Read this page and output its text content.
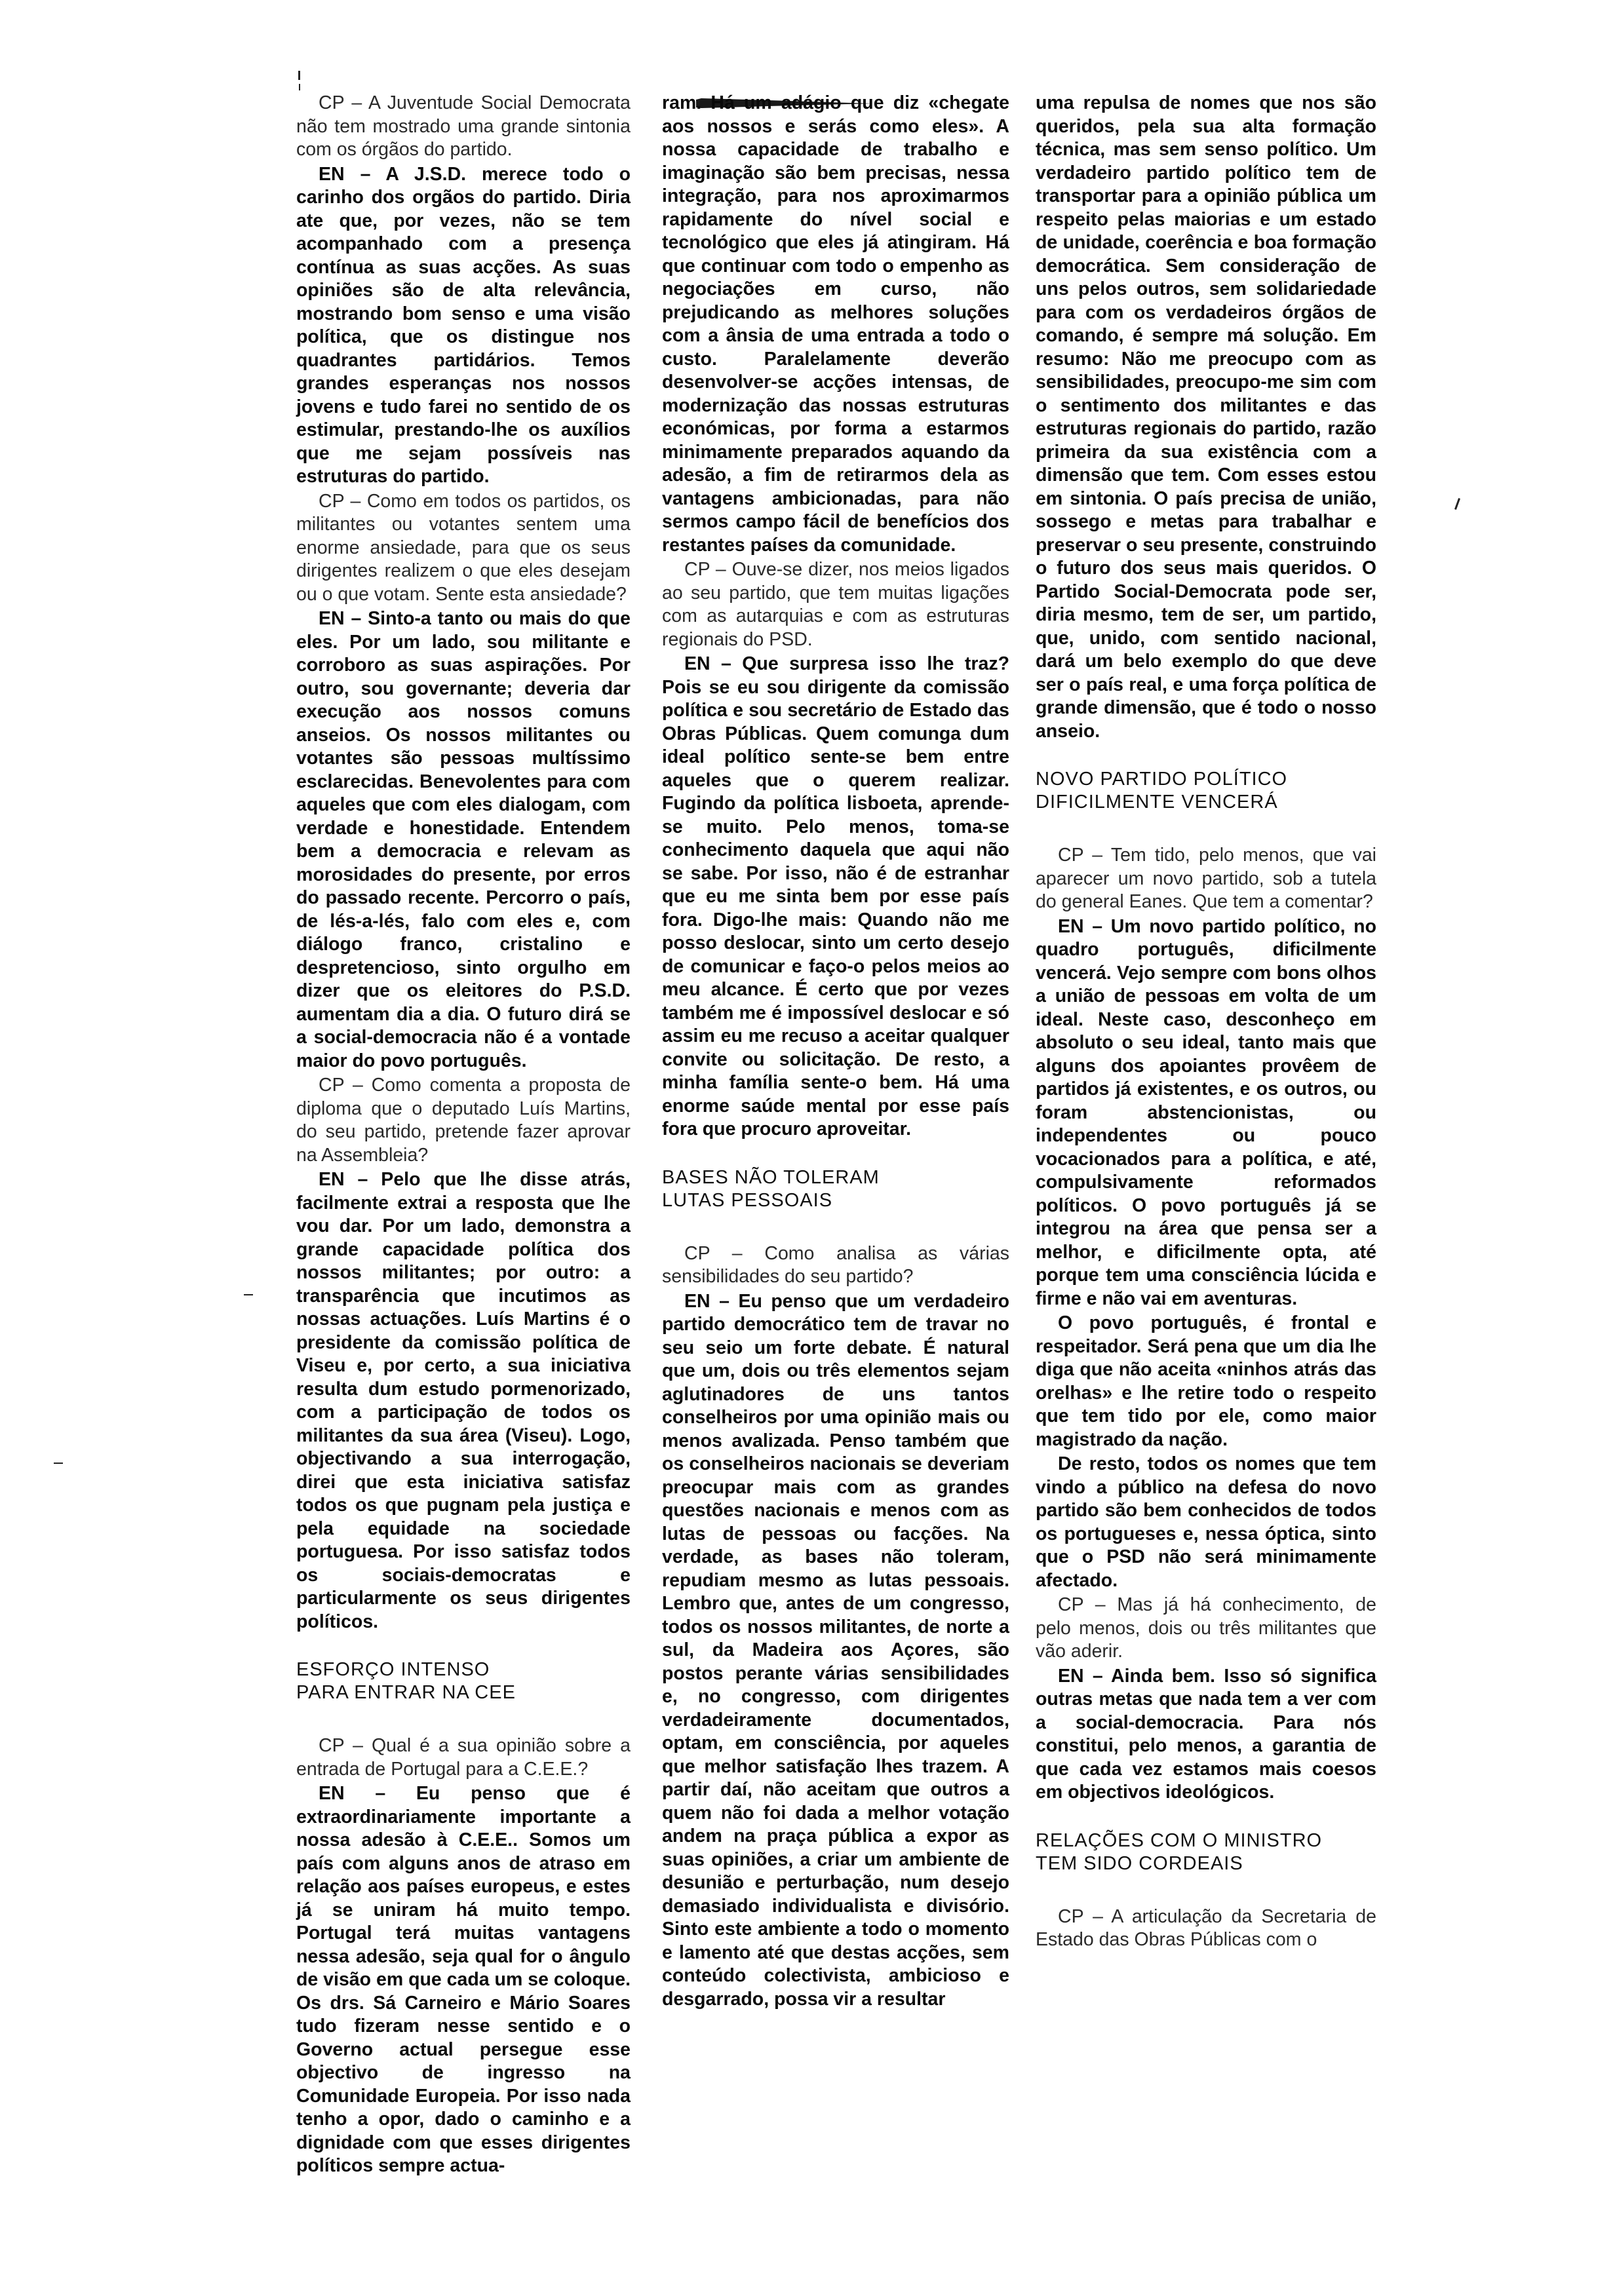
CP – A Juventude Social Democrata não tem mostrado uma grande sintonia com os órgãos do partido.

EN – A J.S.D. merece todo o carinho dos orgãos do partido. Diria ate que, por vezes, não se tem acompanhado com a presença contínua as suas acções. As suas opiniões são de alta relevância, mostrando bom senso e uma visão política, que os distingue nos quadrantes partidários. Temos grandes esperanças nos nossos jovens e tudo farei no sentido de os estimular, prestando-lhe os auxílios que me sejam possíveis nas estruturas do partido.

CP – Como em todos os partidos, os militantes ou votantes sentem uma enorme ansiedade, para que os seus dirigentes realizem o que eles desejam ou o que votam. Sente esta ansiedade?

EN – Sinto-a tanto ou mais do que eles. Por um lado, sou militante e corroboro as suas aspirações. Por outro, sou governante; deveria dar execução aos nossos comuns anseios. Os nossos militantes ou votantes são pessoas multíssimo esclarecidas. Benevolentes para com aqueles que com eles dialogam, com verdade e honestidade. Entendem bem a democracia e relevam as morosidades do presente, por erros do passado recente. Percorro o país, de lés-a-lés, falo com eles e, com diálogo franco, cristalino e despretencioso, sinto orgulho em dizer que os eleitores do P.S.D. aumentam dia a dia. O futuro dirá se a social-democracia não é a vontade maior do povo português.

CP – Como comenta a proposta de diploma que o deputado Luís Martins, do seu partido, pretende fazer aprovar na Assembleia?

EN – Pelo que lhe disse atrás, facilmente extrai a resposta que lhe vou dar. Por um lado, demonstra a grande capacidade política dos nossos militantes; por outro: a transparência que incutimos as nossas actuações. Luís Martins é o presidente da comissão política de Viseu e, por certo, a sua iniciativa resulta dum estudo pormenorizado, com a participação de todos os militantes da sua área (Viseu). Logo, objectivando a sua interrogação, direi que esta iniciativa satisfaz todos os que pugnam pela justiça e pela equidade na sociedade portuguesa. Por isso satisfaz todos os sociais-democratas e particularmente os seus dirigentes políticos.

ESFORÇO INTENSO
PARA ENTRAR NA CEE

CP – Qual é a sua opinião sobre a entrada de Portugal para a C.E.E.?

EN – Eu penso que é extraordinariamente importante a nossa adesão à C.E.E.. Somos um país com alguns anos de atraso em relação aos países europeus, e estes já se uniram há muito tempo. Portugal terá muitas vantagens nessa adesão, seja qual for o ângulo de visão em que cada um se coloque. Os drs. Sá Carneiro e Mário Soares tudo fizeram nesse sentido e o Governo actual persegue esse objectivo de ingresso na Comunidade Europeia. Por isso nada tenho a opor, dado o caminho e a dignidade com que esses dirigentes políticos sempre actua-

ram. Há um adágio que diz «chegate aos nossos e serás como eles». A nossa capacidade de trabalho e imaginação são bem precisas, nessa integração, para nos aproximarmos rapidamente do nível social e tecnológico que eles já atingiram. Há que continuar com todo o empenho as negociações em curso, não prejudicando as melhores soluções com a ânsia de uma entrada a todo o custo. Paralelamente deverão desenvolver-se acções intensas, de modernização das nossas estruturas económicas, por forma a estarmos minimamente preparados aquando da adesão, a fim de retirarmos dela as vantagens ambicionadas, para não sermos campo fácil de benefícios dos restantes países da comunidade.

CP – Ouve-se dizer, nos meios ligados ao seu partido, que tem muitas ligações com as autarquias e com as estruturas regionais do PSD.

EN – Que surpresa isso lhe traz? Pois se eu sou dirigente da comissão política e sou secretário de Estado das Obras Públicas. Quem comunga dum ideal político sente-se bem entre aqueles que o querem realizar. Fugindo da política lisboeta, aprende-se muito. Pelo menos, toma-se conhecimento daquela que aqui não se sabe. Por isso, não é de estranhar que eu me sinta bem por esse país fora. Digo-lhe mais: Quando não me posso deslocar, sinto um certo desejo de comunicar e faço-o pelos meios ao meu alcance. É certo que por vezes também me é impossível deslocar e só assim eu me recuso a aceitar qualquer convite ou solicitação. De resto, a minha família sente-o bem. Há uma enorme saúde mental por esse país fora que procuro aproveitar.

BASES NÃO TOLERAM
LUTAS PESSOAIS

CP – Como analisa as várias sensibilidades do seu partido?

EN – Eu penso que um verdadeiro partido democrático tem de travar no seu seio um forte debate. É natural que um, dois ou três elementos sejam aglutinadores de uns tantos conselheiros por uma opinião mais ou menos avalizada. Penso também que os conselheiros nacionais se deveriam preocupar mais com as grandes questões nacionais e menos com as lutas de pessoas ou facções. Na verdade, as bases não toleram, repudiam mesmo as lutas pessoais. Lembro que, antes de um congresso, todos os nossos militantes, de norte a sul, da Madeira aos Açores, são postos perante várias sensibilidades e, no congresso, com dirigentes verdadeiramente documentados, optam, em consciência, por aqueles que melhor satisfação lhes trazem. A partir daí, não aceitam que outros a quem não foi dada a melhor votação andem na praça pública a expor as suas opiniões, a criar um ambiente de desunião e perturbação, num desejo demasiado individualista e divisório. Sinto este ambiente a todo o momento e lamento até que destas acções, sem conteúdo colectivista, ambicioso e desgarrado, possa vir a resultar

uma repulsa de nomes que nos são queridos, pela sua alta formação técnica, mas sem senso político. Um verdadeiro partido político tem de transportar para a opinião pública um respeito pelas maiorias e um estado de unidade, coerência e boa formação democrática. Sem consideração de uns pelos outros, sem solidariedade para com os verdadeiros órgãos de comando, é sempre má solução. Em resumo: Não me preocupo com as sensibilidades, preocupo-me sim com o sentimento dos militantes e das estruturas regionais do partido, razão primeira da sua existência com a dimensão que tem. Com esses estou em sintonia. O país precisa de união, sossego e metas para trabalhar e preservar o seu presente, construindo o futuro dos seus mais queridos. O Partido Social-Democrata pode ser, diria mesmo, tem de ser, um partido, que, unido, com sentido nacional, dará um belo exemplo do que deve ser o país real, e uma força política de grande dimensão, que é todo o nosso anseio.

NOVO PARTIDO POLÍTICO
DIFICILMENTE VENCERÁ

CP – Tem tido, pelo menos, que vai aparecer um novo partido, sob a tutela do general Eanes. Que tem a comentar?

EN – Um novo partido político, no quadro português, dificilmente vencerá. Vejo sempre com bons olhos a união de pessoas em volta de um ideal. Neste caso, desconheço em absoluto o seu ideal, tanto mais que alguns dos apoiantes provêem de partidos já existentes, e os outros, ou foram abstencionistas, ou independentes ou pouco vocacionados para a política, e até, compulsivamente reformados políticos. O povo português já se integrou na área que pensa ser a melhor, e dificilmente opta, até porque tem uma consciência lúcida e firme e não vai em aventuras.

O povo português, é frontal e respeitador. Será pena que um dia lhe diga que não aceita «ninhos atrás das orelhas» e lhe retire todo o respeito que tem tido por ele, como maior magistrado da nação.

De resto, todos os nomes que tem vindo a público na defesa do novo partido são bem conhecidos de todos os portugueses e, nessa óptica, sinto que o PSD não será minimamente afectado.

CP – Mas já há conhecimento, de pelo menos, dois ou três militantes que vão aderir.

EN – Ainda bem. Isso só significa outras metas que nada tem a ver com a social-democracia. Para nós constitui, pelo menos, a garantia de que cada vez estamos mais coesos em objectivos ideológicos.

RELAÇÕES COM O MINISTRO
TEM SIDO CORDEAIS

CP – A articulação da Secretaria de Estado das Obras Públicas com o
